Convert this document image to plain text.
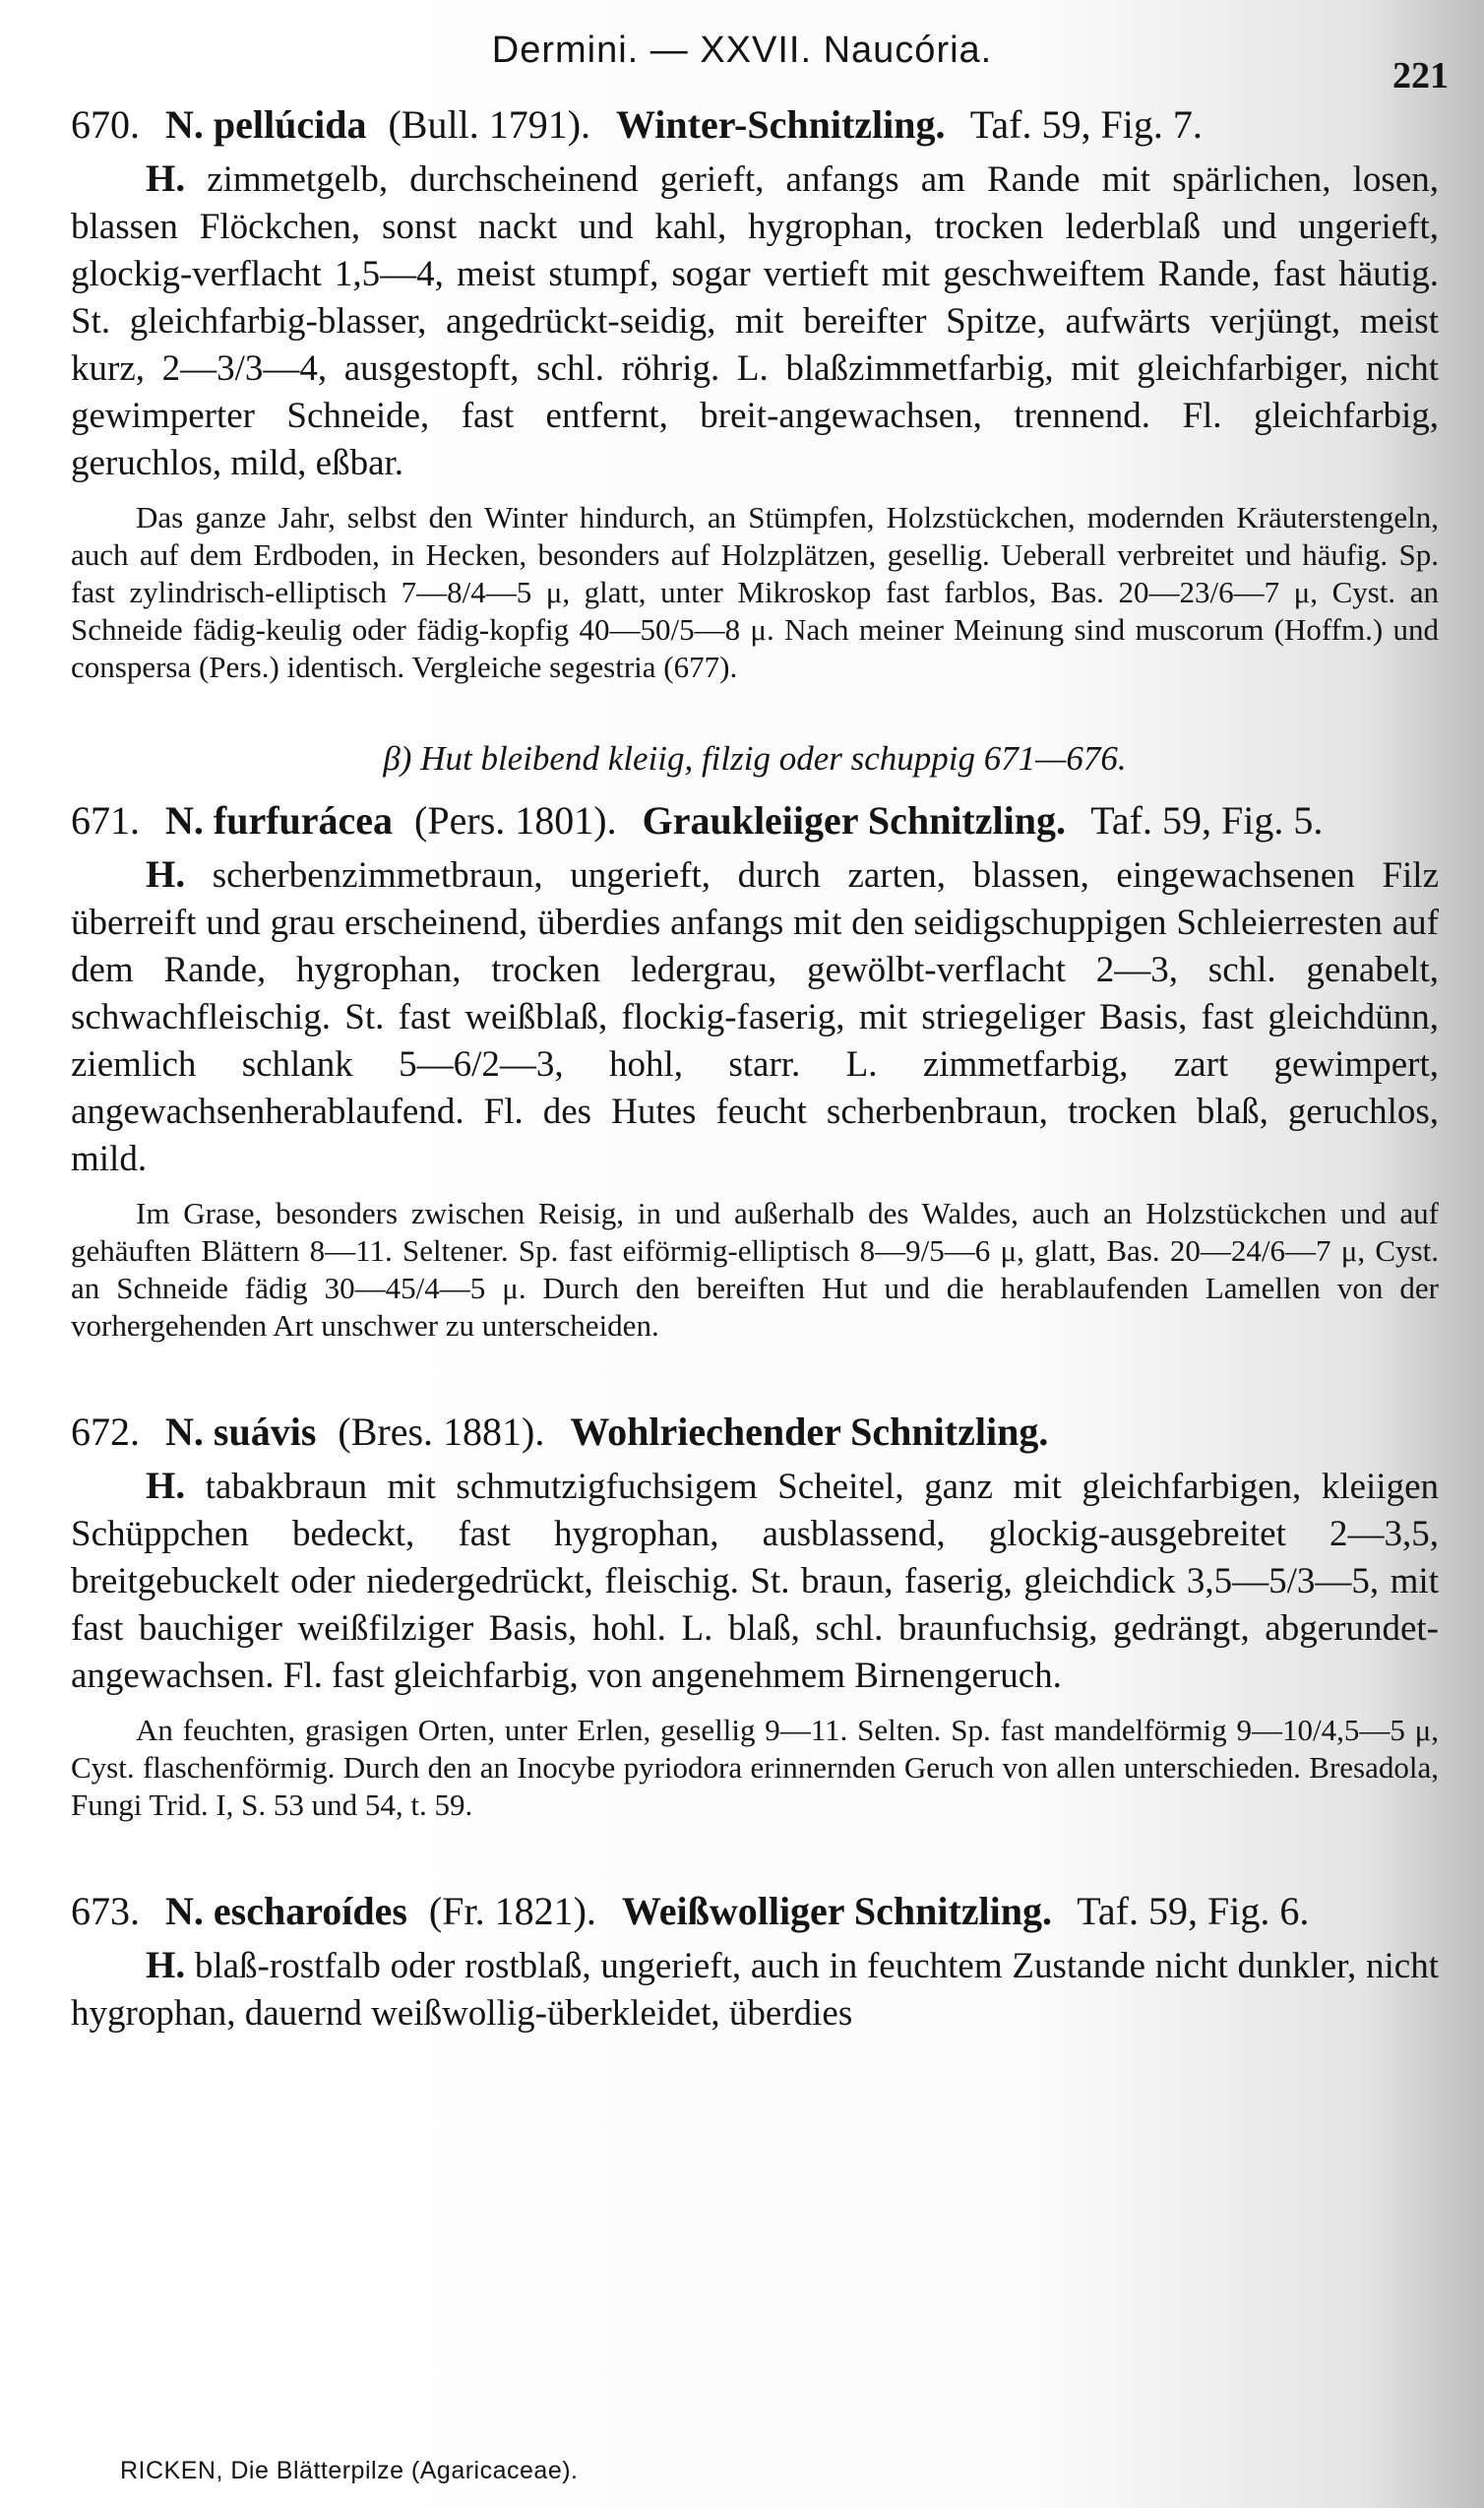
Dermini. — XXVII. Naucória.
221

670. N. pellúcida (Bull. 1791). Winter-Schnitzling. Taf. 59, Fig. 7.

H. zimmetgelb, durchscheinend gerieft, anfangs am Rande mit spärlichen, losen, blassen Flöckchen, sonst nackt und kahl, hygrophan, trocken lederblaß und ungerieft, glockig-verflacht 1,5—4, meist stumpf, sogar vertieft mit geschweiftem Rande, fast häutig. St. gleichfarbig-blasser, angedrückt-seidig, mit bereifter Spitze, aufwärts verjüngt, meist kurz, 2—3/3—4, ausgestopft, schl. röhrig. L. blaßzimmetfarbig, mit gleichfarbiger, nicht gewimperter Schneide, fast entfernt, breit-angewachsen, trennend. Fl. gleichfarbig, geruchlos, mild, eßbar.

Das ganze Jahr, selbst den Winter hindurch, an Stümpfen, Holzstückchen, modernden Kräuterstengeln, auch auf dem Erdboden, in Hecken, besonders auf Holzplätzen, gesellig. Ueberall verbreitet und häufig. Sp. fast zylindrisch-elliptisch 7—8/4—5 μ, glatt, unter Mikroskop fast farblos, Bas. 20—23/6—7 μ, Cyst. an Schneide fädig-keulig oder fädig-kopfig 40—50/5—8 μ. Nach meiner Meinung sind muscorum (Hoffm.) und conspersa (Pers.) identisch. Vergleiche segestria (677).

β) Hut bleibend kleiig, filzig oder schuppig 671—676.

671. N. furfurácea (Pers. 1801). Graukleiiger Schnitzling. Taf. 59, Fig. 5.

H. scherbenzimmetbraun, ungerieft, durch zarten, blassen, eingewachsenen Filz überreift und grau erscheinend, überdies anfangs mit den seidigschuppigen Schleierresten auf dem Rande, hygrophan, trocken ledergrau, gewölbt-verflacht 2—3, schl. genabelt, schwachfleischig. St. fast weißblaß, flockig-faserig, mit striegeliger Basis, fast gleichdünn, ziemlich schlank 5—6/2—3, hohl, starr. L. zimmetfarbig, zart gewimpert, angewachsenherablaufend. Fl. des Hutes feucht scherbenbraun, trocken blaß, geruchlos, mild.

Im Grase, besonders zwischen Reisig, in und außerhalb des Waldes, auch an Holzstückchen und auf gehäuften Blättern 8—11. Seltener. Sp. fast eiförmig-elliptisch 8—9/5—6 μ, glatt, Bas. 20—24/6—7 μ, Cyst. an Schneide fädig 30—45/4—5 μ. Durch den bereiften Hut und die herablaufenden Lamellen von der vorhergehenden Art unschwer zu unterscheiden.

672. N. suávis (Bres. 1881). Wohlriechender Schnitzling.

H. tabakbraun mit schmutzigfuchsigem Scheitel, ganz mit gleichfarbigen, kleiigen Schüppchen bedeckt, fast hygrophan, ausblassend, glockig-ausgebreitet 2—3,5, breitgebuckelt oder niedergedrückt, fleischig. St. braun, faserig, gleichdick 3,5—5/3—5, mit fast bauchiger weißfilziger Basis, hohl. L. blaß, schl. braunfuchsig, gedrängt, abgerundet-angewachsen. Fl. fast gleichfarbig, von angenehmem Birnengeruch.

An feuchten, grasigen Orten, unter Erlen, gesellig 9—11. Selten. Sp. fast mandelförmig 9—10/4,5—5 μ, Cyst. flaschenförmig. Durch den an Inocybe pyriodora erinnernden Geruch von allen unterschieden. Bresadola, Fungi Trid. I, S. 53 und 54, t. 59.

673. N. escharoídes (Fr. 1821). Weißwolliger Schnitzling. Taf. 59, Fig. 6.

H. blaß-rostfalb oder rostblaß, ungerieft, auch in feuchtem Zustande nicht dunkler, nicht hygrophan, dauernd weißwollig-überkleidet, überdies

RICKEN, Die Blätterpilze (Agaricaceae).
